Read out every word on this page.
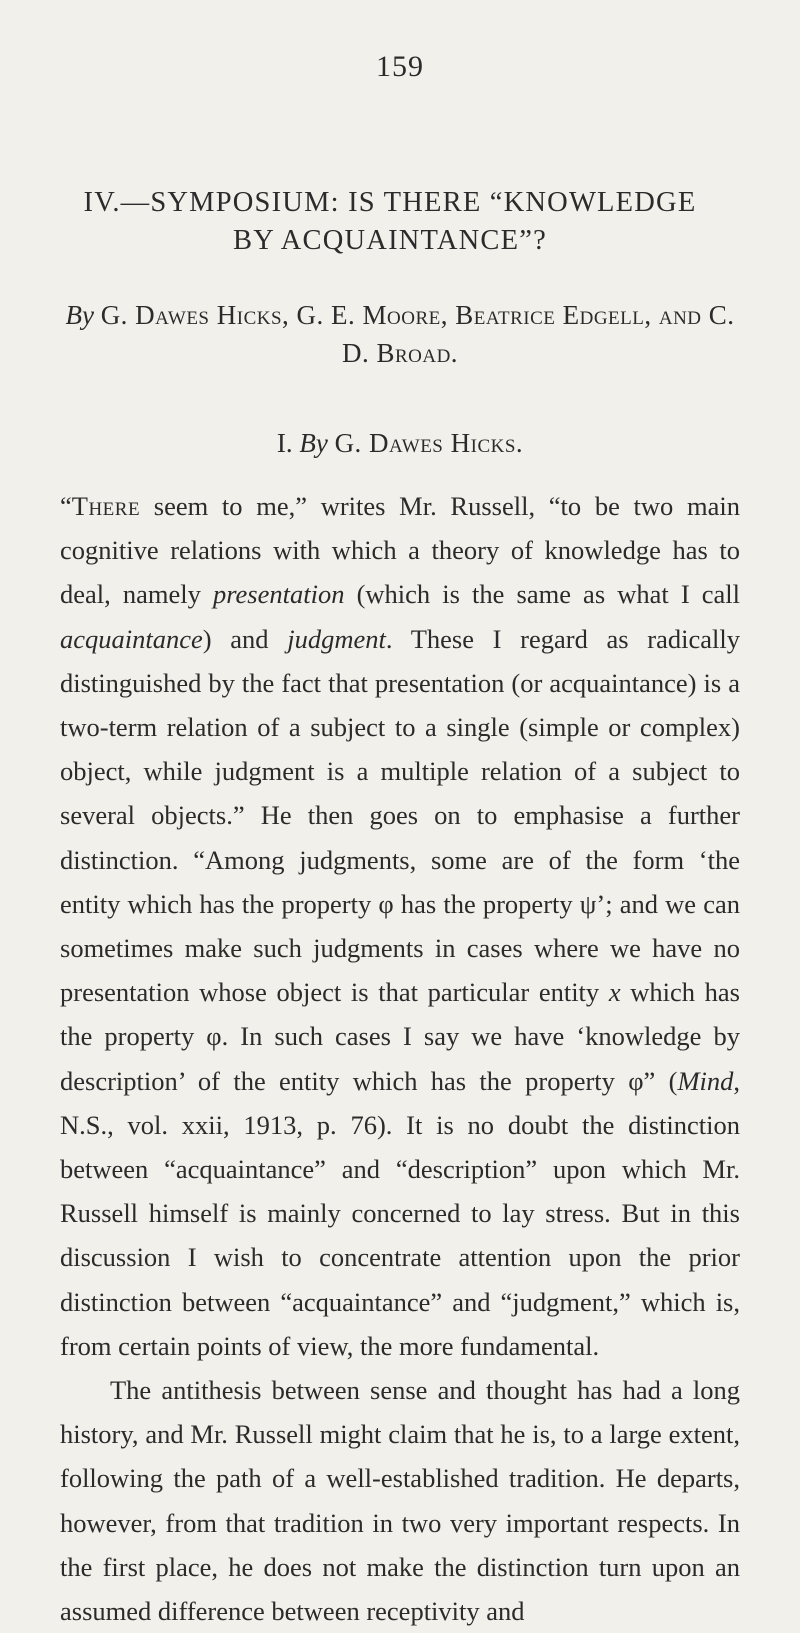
159
IV.—SYMPOSIUM: IS THERE “KNOWLEDGE BY ACQUAINTANCE”?
By G. Dawes Hicks, G. E. Moore, Beatrice Edgell, and C. D. Broad.
I. By G. Dawes Hicks.

“There seem to me,” writes Mr. Russell, “to be two main cognitive relations with which a theory of knowledge has to deal, namely presentation (which is the same as what I call acquaintance) and judgment. These I regard as radically distinguished by the fact that presentation (or acquaintance) is a two-term relation of a subject to a single (simple or complex) object, while judgment is a multiple relation of a subject to several objects.” He then goes on to emphasise a further distinction. “Among judgments, some are of the form ‘the entity which has the property φ has the property ψ’; and we can sometimes make such judgments in cases where we have no presentation whose object is that particular entity x which has the property φ. In such cases I say we have ‘knowledge by description’ of the entity which has the property φ” (Mind, N.S., vol. xxii, 1913, p. 76). It is no doubt the distinction between “acquaintance” and “description” upon which Mr. Russell himself is mainly concerned to lay stress. But in this discussion I wish to concentrate attention upon the prior distinction between “acquaintance” and “judgment,” which is, from certain points of view, the more fundamental.

The antithesis between sense and thought has had a long history, and Mr. Russell might claim that he is, to a large extent, following the path of a well-established tradition. He departs, however, from that tradition in two very important respects. In the first place, he does not make the distinction turn upon an assumed difference between receptivity and
